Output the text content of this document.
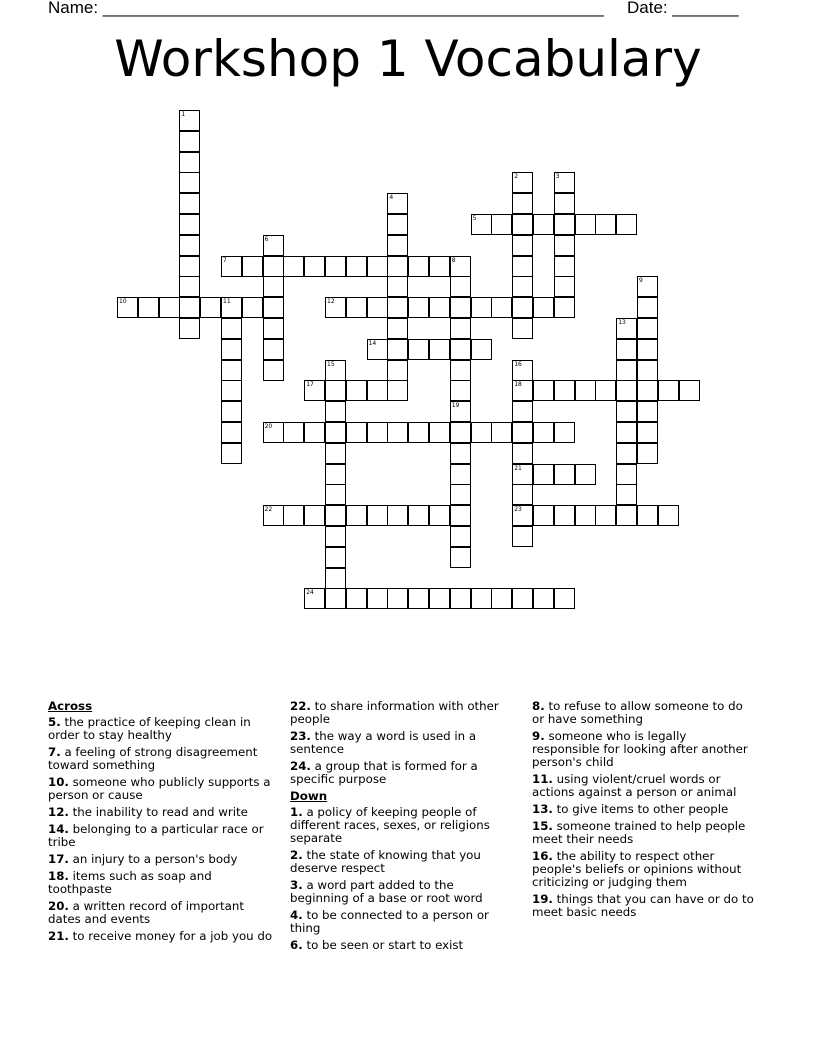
Name: _____________________________________________________ Date: _______
Workshop 1 Vocabulary
1
2	3
4
5
6
7	8
9
10	11	12
13
14
15
17
16
18
21
23
19
20
22
24
Across
5. the practice of keeping clean in order to stay healthy
7. a feeling of strong disagreement toward something
10. someone who publicly supports a person or cause
12. the inability to read and write
14. belonging to a particular race or tribe
17. an injury to a person's body
18. items such as soap and toothpaste
20. a written record of important dates and events
21. to receive money for a job you do
22. to share information with other people
23. the way a word is used in a sentence
24. a group that is formed for a specific purpose
Down
1. a policy of keeping people of different races, sexes, or religions separate
2. the state of knowing that you deserve respect
3. a word part added to the beginning of a base or root word
4. to be connected to a person or thing
6. to be seen or start to exist
8. to refuse to allow someone to do or have something
9. someone who is legally responsible for looking after another person's child
11. using violent/cruel words or actions against a person or animal
13. to give items to other people
15. someone trained to help people meet their needs
16. the ability to respect other people's beliefs or opinions without criticizing or judging them
19. things that you can have or do to meet basic needs
